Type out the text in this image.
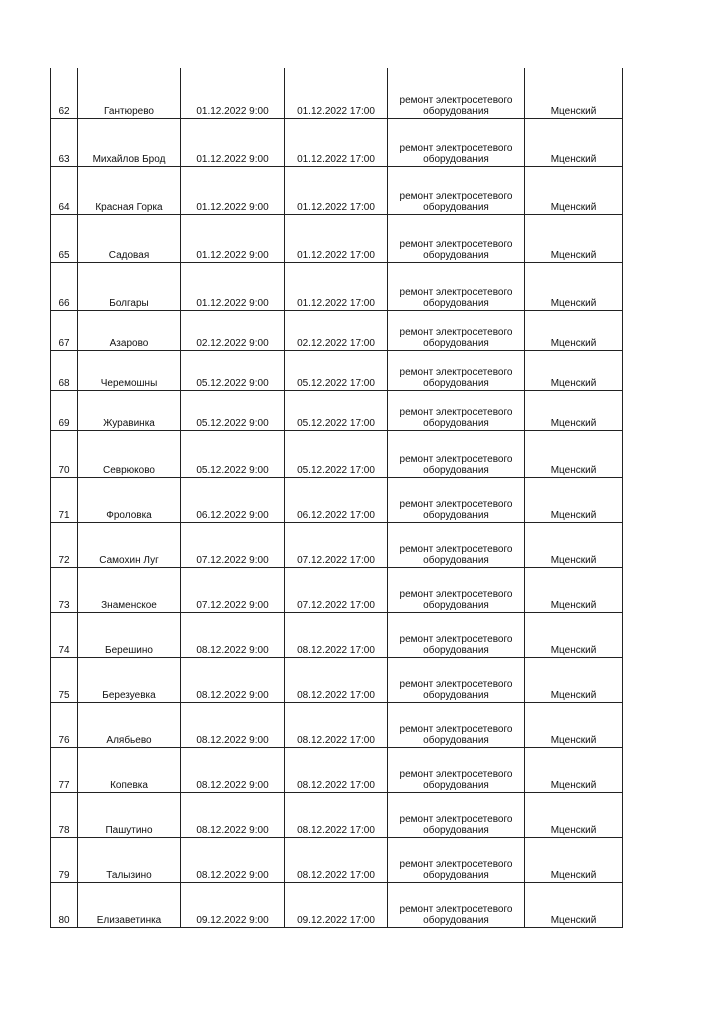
62	Гантюрево	01.12.2022 9:00	01.12.2022 17:00	ремонт электросетевого
оборудования	Мценский
63	Михайлов Брод	01.12.2022 9:00	01.12.2022 17:00	ремонт электросетевого
оборудования	Мценский
64	Красная Горка	01.12.2022 9:00	01.12.2022 17:00	ремонт электросетевого
оборудования	Мценский
65	Садовая	01.12.2022 9:00	01.12.2022 17:00	ремонт электросетевого
оборудования	Мценский
66	Болгары	01.12.2022 9:00	01.12.2022 17:00	ремонт электросетевого
оборудования	Мценский
67	Азарово	02.12.2022 9:00	02.12.2022 17:00	ремонт электросетевого
оборудования	Мценский
68	Черемошны	05.12.2022 9:00	05.12.2022 17:00	ремонт электросетевого
оборудования	Мценский
69	Журавинка	05.12.2022 9:00	05.12.2022 17:00	ремонт электросетевого
оборудования	Мценский
70	Севрюково	05.12.2022 9:00	05.12.2022 17:00	ремонт электросетевого
оборудования	Мценский
71	Фроловка	06.12.2022 9:00	06.12.2022 17:00	ремонт электросетевого
оборудования	Мценский
72	Самохин Луг	07.12.2022 9:00	07.12.2022 17:00	ремонт электросетевого
оборудования	Мценский
73	Знаменское	07.12.2022 9:00	07.12.2022 17:00	ремонт электросетевого
оборудования	Мценский
74	Берешино	08.12.2022 9:00	08.12.2022 17:00	ремонт электросетевого
оборудования	Мценский
75	Березуевка	08.12.2022 9:00	08.12.2022 17:00	ремонт электросетевого
оборудования	Мценский
76	Алябьево	08.12.2022 9:00	08.12.2022 17:00	ремонт электросетевого
оборудования	Мценский
77	Копевка	08.12.2022 9:00	08.12.2022 17:00	ремонт электросетевого
оборудования	Мценский
78	Пашутино	08.12.2022 9:00	08.12.2022 17:00	ремонт электросетевого
оборудования	Мценский
79	Талызино	08.12.2022 9:00	08.12.2022 17:00	ремонт электросетевого
оборудования	Мценский
80	Елизаветинка	09.12.2022 9:00	09.12.2022 17:00	ремонт электросетевого
оборудования	Мценский
